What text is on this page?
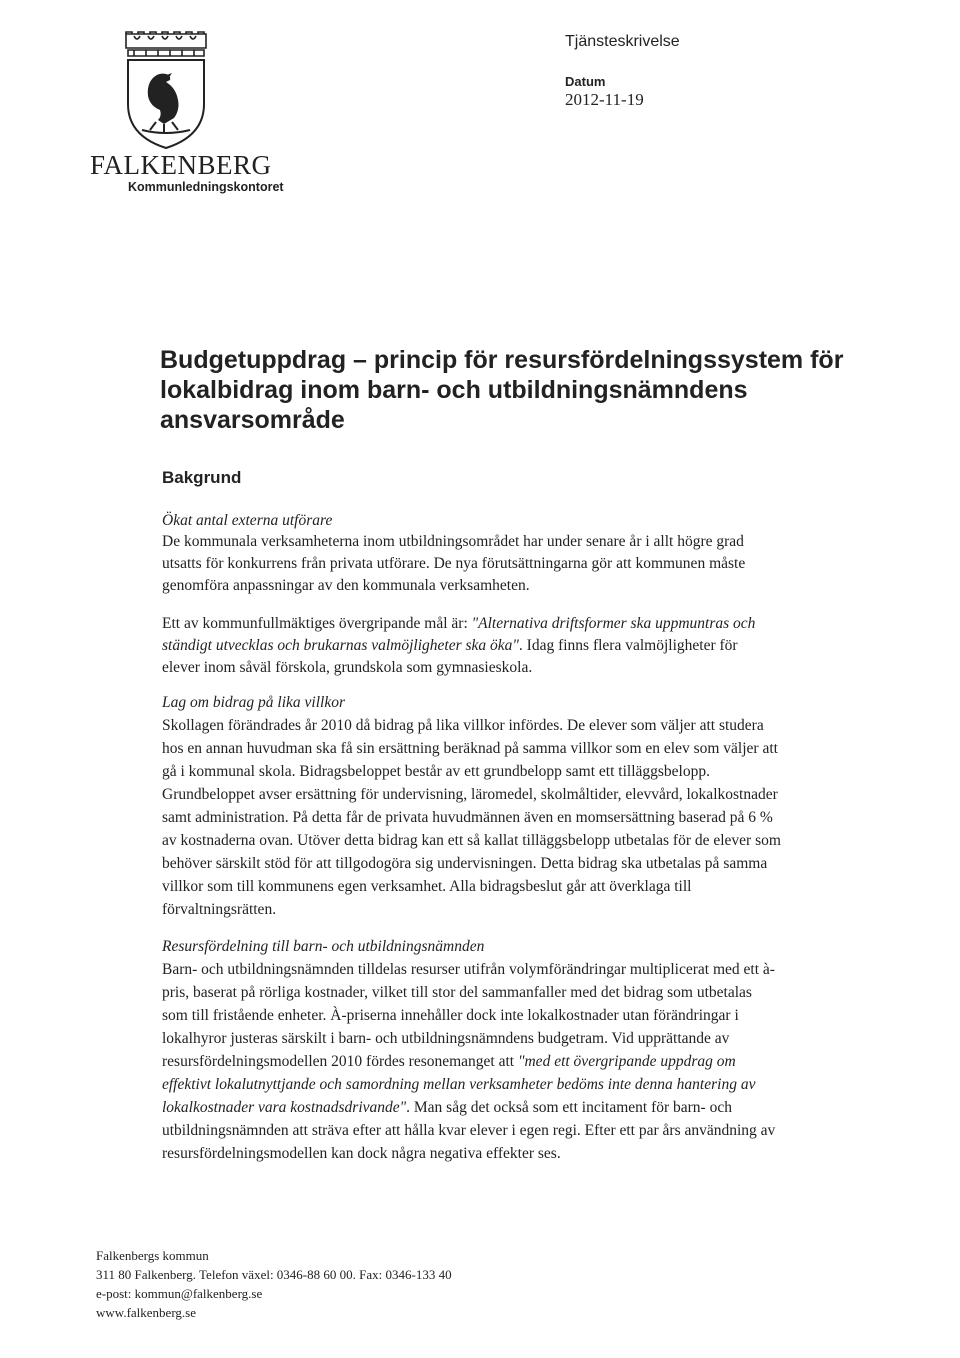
FALKENBERG
Kommunledningskontoret
Tjänsteskrivelse
Datum
2012-11-19
Budgetuppdrag – princip för resursfördelningssystem för
lokalbidrag inom barn- och utbildningsnämndens
ansvarsområde
Bakgrund
Ökat antal externa utförare
De kommunala verksamheterna inom utbildningsområdet har under senare år i allt högre grad
utsatts för konkurrens från privata utförare. De nya förutsättningarna gör att kommunen måste
genomföra anpassningar av den kommunala verksamheten.
Ett av kommunfullmäktiges övergripande mål är: "Alternativa driftsformer ska uppmuntras och
ständigt utvecklas och brukarnas valmöjligheter ska öka". Idag finns flera valmöjligheter för
elever inom såväl förskola, grundskola som gymnasieskola.
Lag om bidrag på lika villkor
Skollagen förändrades år 2010 då bidrag på lika villkor infördes. De elever som väljer att studera
hos en annan huvudman ska få sin ersättning beräknad på samma villkor som en elev som väljer att
gå i kommunal skola. Bidragsbeloppet består av ett grundbelopp samt ett tilläggsbelopp.
Grundbeloppet avser ersättning för undervisning, läromedel, skolmåltider, elevvård, lokalkostnader
samt administration. På detta får de privata huvudmännen även en momsersättning baserad på 6 %
av kostnaderna ovan. Utöver detta bidrag kan ett så kallat tilläggsbelopp utbetalas för de elever som
behöver särskilt stöd för att tillgodogöra sig undervisningen. Detta bidrag ska utbetalas på samma
villkor som till kommunens egen verksamhet. Alla bidragsbeslut går att överklaga till
förvaltningsrätten.
Resursfördelning till barn- och utbildningsnämnden
Barn- och utbildningsnämnden tilldelas resurser utifrån volymförändringar multiplicerat med ett à-
pris, baserat på rörliga kostnader, vilket till stor del sammanfaller med det bidrag som utbetalas
som till fristående enheter. À-priserna innehåller dock inte lokalkostnader utan förändringar i
lokalhyror justeras särskilt i barn- och utbildningsnämndens budgetram. Vid upprättande av
resursfördelningsmodellen 2010 fördes resonemanget att "med ett övergripande uppdrag om
effektivt lokalutnyttjande och samordning mellan verksamheter bedöms inte denna hantering av
lokalkostnader vara kostnadsdrivande". Man såg det också som ett incitament för barn- och
utbildningsnämnden att sträva efter att hålla kvar elever i egen regi. Efter ett par års användning av
resursfördelningsmodellen kan dock några negativa effekter ses.
Falkenbergs kommun
311 80 Falkenberg. Telefon växel: 0346-88 60 00. Fax: 0346-133 40
e-post: kommun@falkenberg.se
www.falkenberg.se
